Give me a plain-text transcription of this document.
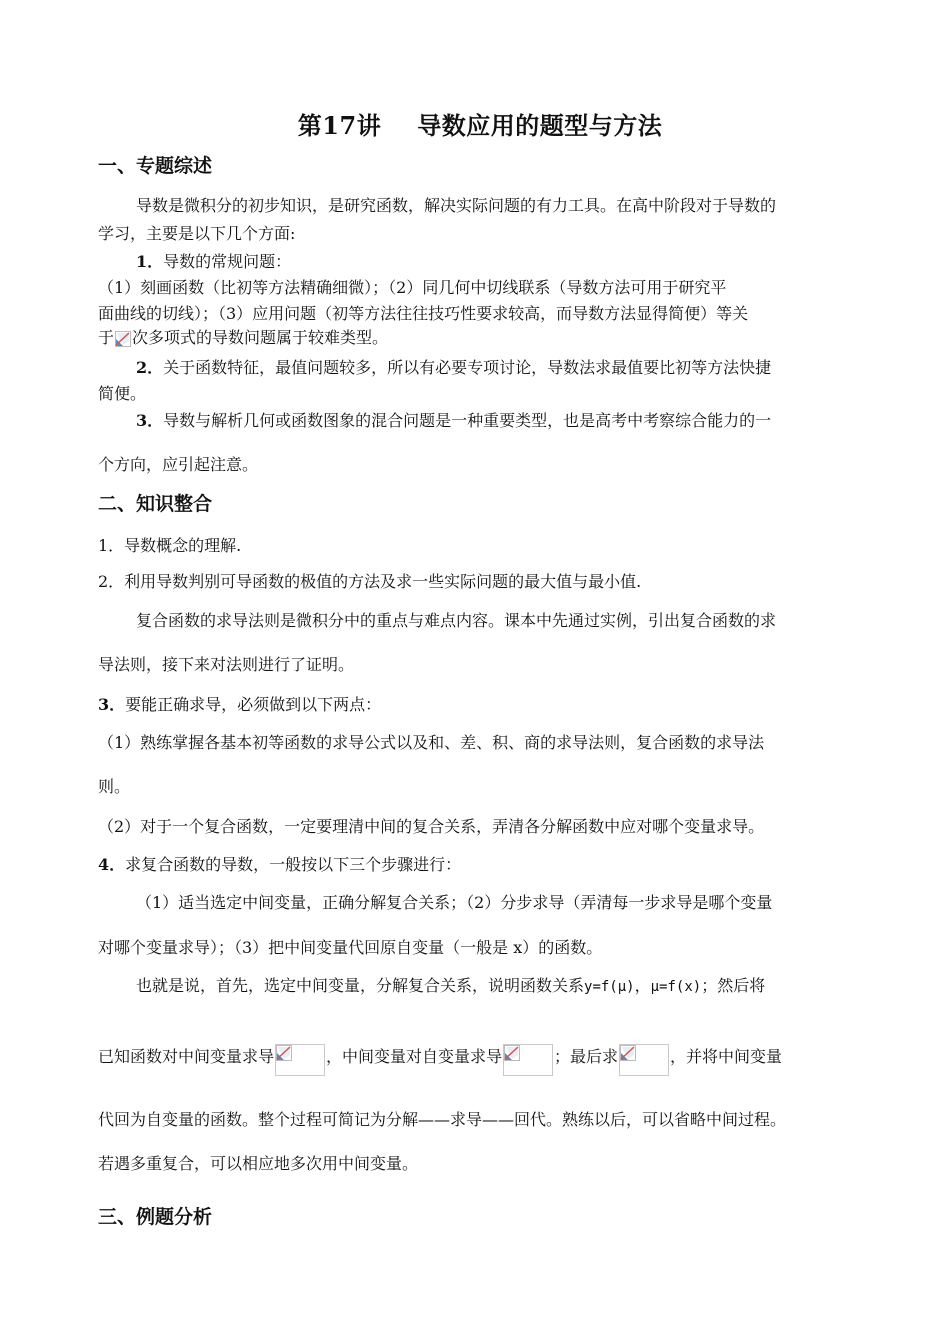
第17讲 导数应用的题型与方法
一、专题综述
导数是微积分的初步知识，是研究函数，解决实际问题的有力工具。在高中阶段对于导数的
学习，主要是以下几个方面:
1．导数的常规问题：
（1）刻画函数（比初等方法精确细微）；（2）同几何中切线联系（导数方法可用于研究平
面曲线的切线）；（3）应用问题（初等方法往往技巧性要求较高，而导数方法显得简便）等关
于 次多项式的导数问题属于较难类型。
2．关于函数特征，最值问题较多，所以有必要专项讨论，导数法求最值要比初等方法快捷
简便。
3．导数与解析几何或函数图象的混合问题是一种重要类型，也是高考中考察综合能力的一
个方向，应引起注意。
二、知识整合
1．导数概念的理解.
2．利用导数判别可导函数的极值的方法及求一些实际问题的最大值与最小值.
复合函数的求导法则是微积分中的重点与难点内容。课本中先通过实例，引出复合函数的求
导法则，接下来对法则进行了证明。
3．要能正确求导，必须做到以下两点：
（1）熟练掌握各基本初等函数的求导公式以及和、差、积、商的求导法则，复合函数的求导法
则。
（2）对于一个复合函数，一定要理清中间的复合关系，弄清各分解函数中应对哪个变量求导。
4．求复合函数的导数，一般按以下三个步骤进行：
（1）适当选定中间变量，正确分解复合关系；（2）分步求导（弄清每一步求导是哪个变量
对哪个变量求导）；（3）把中间变量代回原自变量（一般是 x）的函数。
也就是说，首先，选定中间变量，分解复合关系，说明函数关系y=f(μ)，μ=f(x)；然后将
已知函数对中间变量求导	，中间变量对自变量求导	；最后求	，并将中间变量
代回为自变量的函数。整个过程可简记为分解——求导——回代。熟练以后，可以省略中间过程。
若遇多重复合，可以相应地多次用中间变量。
三、例题分析
